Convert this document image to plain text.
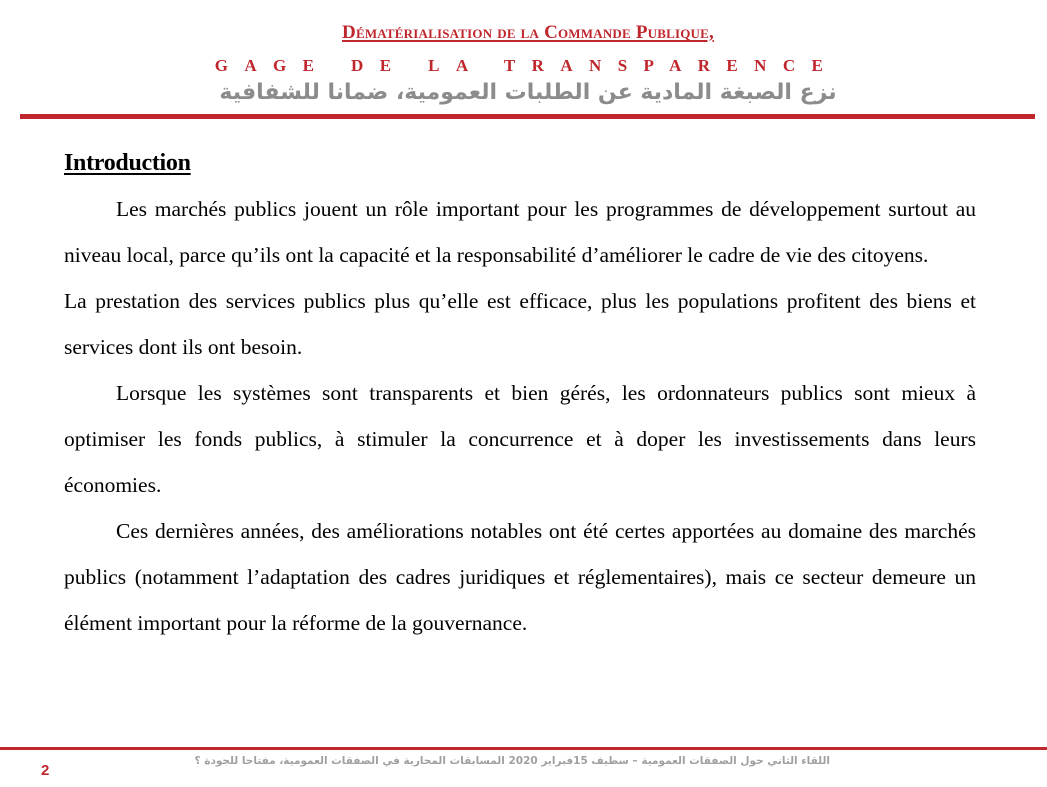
Dématérialisation de la Commande Publique,
GAGE DE LA TRANSPARENCE
نزع الصبغة المادية عن الطلبات العمومية، ضمانا للشفافية
Introduction

Les marchés publics jouent un rôle important pour les programmes de développement surtout au niveau local, parce qu’ils ont la capacité et la responsabilité d’améliorer le cadre de vie des citoyens.

La prestation des services publics plus qu’elle est efficace, plus les populations profitent des biens et services dont ils ont besoin.

Lorsque les systèmes sont transparents et bien gérés, les ordonnateurs publics sont mieux à optimiser les fonds publics, à stimuler la concurrence et à doper les investissements dans leurs économies.

Ces dernières années, des améliorations notables ont été certes apportées au domaine des marchés publics (notamment l’adaptation des cadres juridiques et réglementaires), mais ce secteur demeure un élément important pour la réforme de la gouvernance.

2
اللقاء الثاني حول الصفقات العمومية – سطيف 15فبراير 2020 المسابقات المحاربة في الصفقات العمومية، مفتاحا للجودة ؟
